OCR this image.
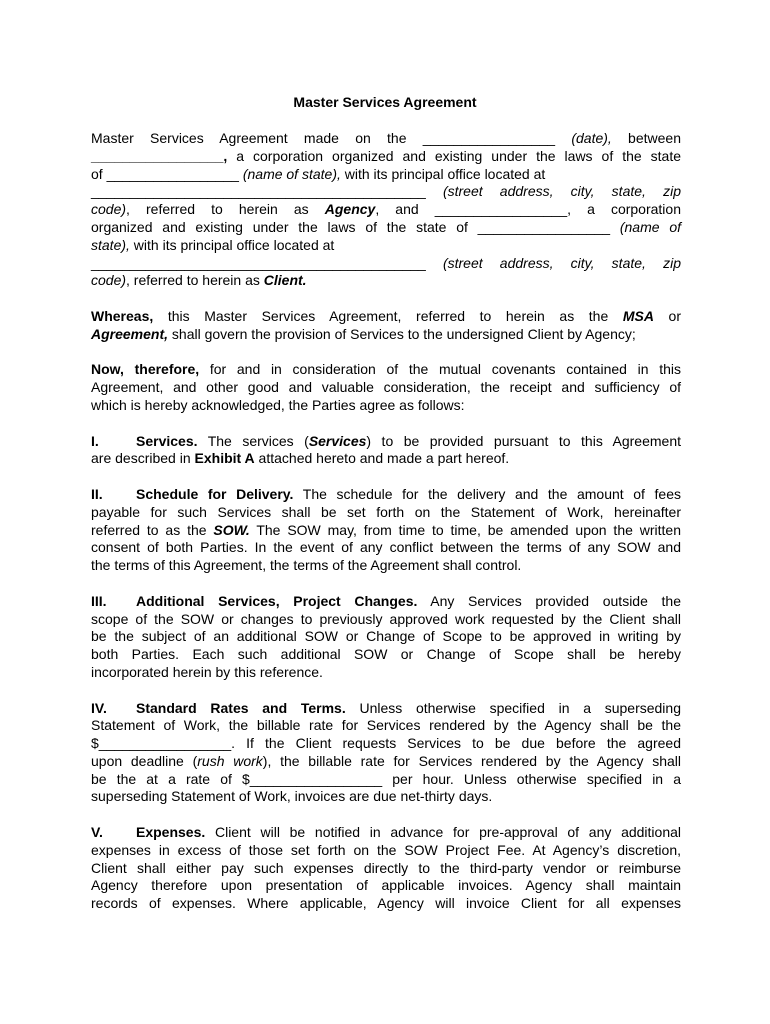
Master Services Agreement
Master Services Agreement made on the _________________ (date), between
_________________, a corporation organized and existing under the laws of the state
of _________________ (name of state), with its principal office located at
___________________________________________ (street address, city, state, zip
code), referred to herein as Agency, and _________________, a corporation
organized and existing under the laws of the state of _________________ (name of
state), with its principal office located at
___________________________________________ (street address, city, state, zip
code), referred to herein as Client.
Whereas, this Master Services Agreement, referred to herein as the MSA or
Agreement, shall govern the provision of Services to the undersigned Client by Agency;
Now, therefore, for and in consideration of the mutual covenants contained in this
Agreement, and other good and valuable consideration, the receipt and sufficiency of
which is hereby acknowledged, the Parties agree as follows:
I.	Services. The services (Services) to be provided pursuant to this Agreement
are described in Exhibit A attached hereto and made a part hereof.
II. Schedule for Delivery. The schedule for the delivery and the amount of fees
payable for such Services shall be set forth on the Statement of Work, hereinafter
referred to as the SOW. The SOW may, from time to time, be amended upon the written
consent of both Parties. In the event of any conflict between the terms of any SOW and
the terms of this Agreement, the terms of the Agreement shall control.
III. Additional Services, Project Changes. Any Services provided outside the
scope of the SOW or changes to previously approved work requested by the Client shall
be the subject of an additional SOW or Change of Scope to be approved in writing by
both Parties. Each such additional SOW or Change of Scope shall be hereby
incorporated herein by this reference.
IV. Standard Rates and Terms. Unless otherwise specified in a superseding
Statement of Work, the billable rate for Services rendered by the Agency shall be the
$_________________. If the Client requests Services to be due before the agreed
upon deadline (rush work), the billable rate for Services rendered by the Agency shall
be the at a rate of $_________________ per hour. Unless otherwise specified in a
superseding Statement of Work, invoices are due net-thirty days.
V. Expenses. Client will be notified in advance for pre-approval of any additional
expenses in excess of those set forth on the SOW Project Fee. At Agency’s discretion,
Client shall either pay such expenses directly to the third-party vendor or reimburse
Agency therefore upon presentation of applicable invoices. Agency shall maintain
records of expenses. Where applicable, Agency will invoice Client for all expenses
